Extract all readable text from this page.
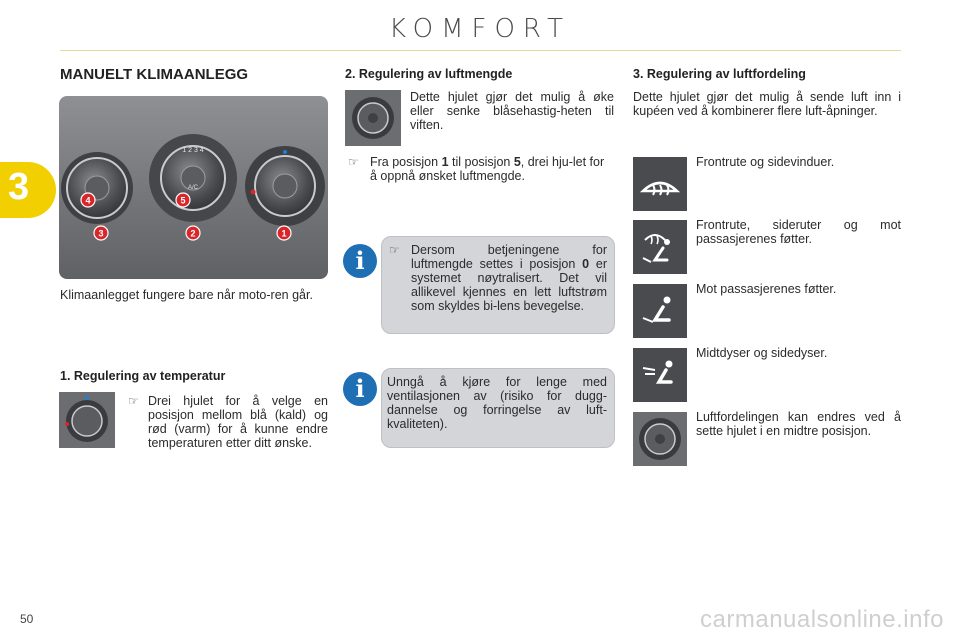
KOMFORT
3
MANUELT KLIMAANLEGG
A/C
1 2 3 4
4	5
3	2	1
Klimaanlegget fungere bare når moto-ren går.
1. Regulering av temperatur
☞ Drei hjulet for å velge en posisjon mellom blå (kald) og rød (varm) for å kunne endre temperaturen etter ditt ønske.
2. Regulering av luftmengde
Dette hjulet gjør det mulig å øke eller senke blåsehastig-heten til viften.
☞ Fra posisjon 1 til posisjon 5, drei hju-let for å oppnå ønsket luftmengde.
i	☞ Dersom betjeningene for luftmengde settes i posisjon 0 er systemet nøytralisert. Det vil allikevel kjennes en lett luftstrøm som skyldes bi-lens bevegelse.
i	Unngå å kjøre for lenge med ventilasjonen av (risiko for dugg-dannelse og forringelse av luft-kvaliteten).
3. Regulering av luftfordeling
Dette hjulet gjør det mulig å sende luft inn i kupéen ved å kombinerer flere luft-åpninger.
Frontrute og sidevinduer.
Frontrute, sideruter og mot passasjerenes føtter.
Mot passasjerenes føtter.
Midtdyser og sidedyser.
Luftfordelingen kan endres ved å sette hjulet i en midtre posisjon.
50	carmanualsonline.info
